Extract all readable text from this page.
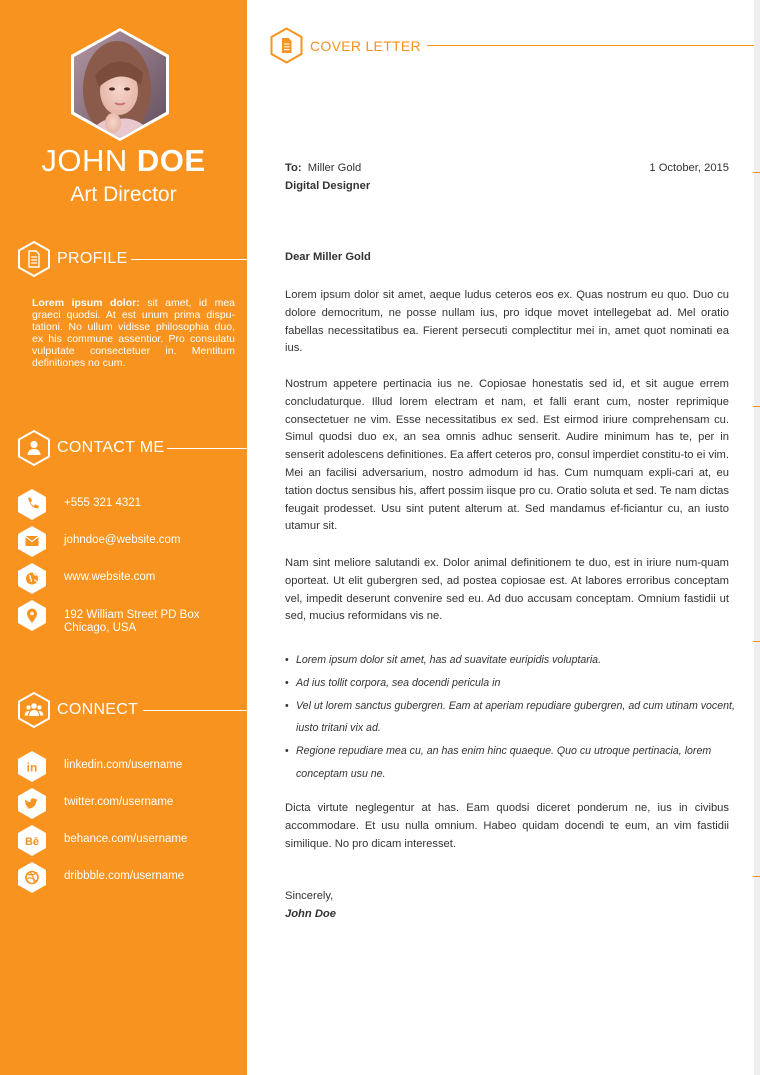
JOHN DOE
Art Director
PROFILE

Lorem ipsum dolor: sit amet, id mea graeci quodsi. At est unum prima dispu-tationi. No ullum vidisse philosophia duo, ex his commune assentior. Pro consulatu vulputate consectetuer in. Mentitum definitiones no cum.

CONTACT ME
+555 321 4321
johndoe@website.com
www.website.com
192 William Street PD Box
Chicago, USA
CONNECT
in linkedin.com/username
twitter.com/username
Bē behance.com/username
dribbble.com/username
COVER LETTER
To: Miller Gold
Digital Designer
1 October, 2015
Dear Miller Gold

Lorem ipsum dolor sit amet, aeque ludus ceteros eos ex. Quas nostrum eu quo. Duo cu dolore democritum, ne posse nullam ius, pro idque movet intellegebat ad. Mel oratio fabellas necessitatibus ea. Fierent persecuti complectitur mei in, amet quot nominati ea ius.

Nostrum appetere pertinacia ius ne. Copiosae honestatis sed id, et sit augue errem concludaturque. Illud lorem electram et nam, et falli erant cum, noster reprimique consectetuer ne vim. Esse necessitatibus ex sed. Est eirmod iriure comprehensam cu. Simul quodsi duo ex, an sea omnis adhuc senserit. Audire minimum has te, per in senserit adolescens definitiones. Ea affert ceteros pro, consul imperdiet constitu-to ei vim. Mei an facilisi adversarium, nostro admodum id has. Cum numquam expli-cari at, eu tation doctus sensibus his, affert possim iisque pro cu. Oratio soluta et sed. Te nam dictas feugait prodesset. Usu sint putent alterum at. Sed mandamus ef-ficiantur cu, an iusto utamur sit.

Nam sint meliore salutandi ex. Dolor animal definitionem te duo, est in iriure num-quam oporteat. Ut elit gubergren sed, ad postea copiosae est. At labores erroribus conceptam vel, impedit deserunt convenire sed eu. Ad duo accusam conceptam. Omnium fastidii ut sed, mucius reformidans vis ne.

• Lorem ipsum dolor sit amet, has ad suavitate euripidis voluptaria.
• Ad ius tollit corpora, sea docendi pericula in
• Vel ut lorem sanctus gubergren. Eam at aperiam repudiare gubergren, ad cum utinam vocent, iusto tritani vix ad.
• Regione repudiare mea cu, an has enim hinc quaeque. Quo cu utroque pertinacia, lorem conceptam usu ne.

Dicta virtute neglegentur at has. Eam quodsi diceret ponderum ne, ius in civibus accommodare. Et usu nulla omnium. Habeo quidam docendi te eum, an vim fastidii similique. No pro dicam interesset.

Sincerely,
John Doe
